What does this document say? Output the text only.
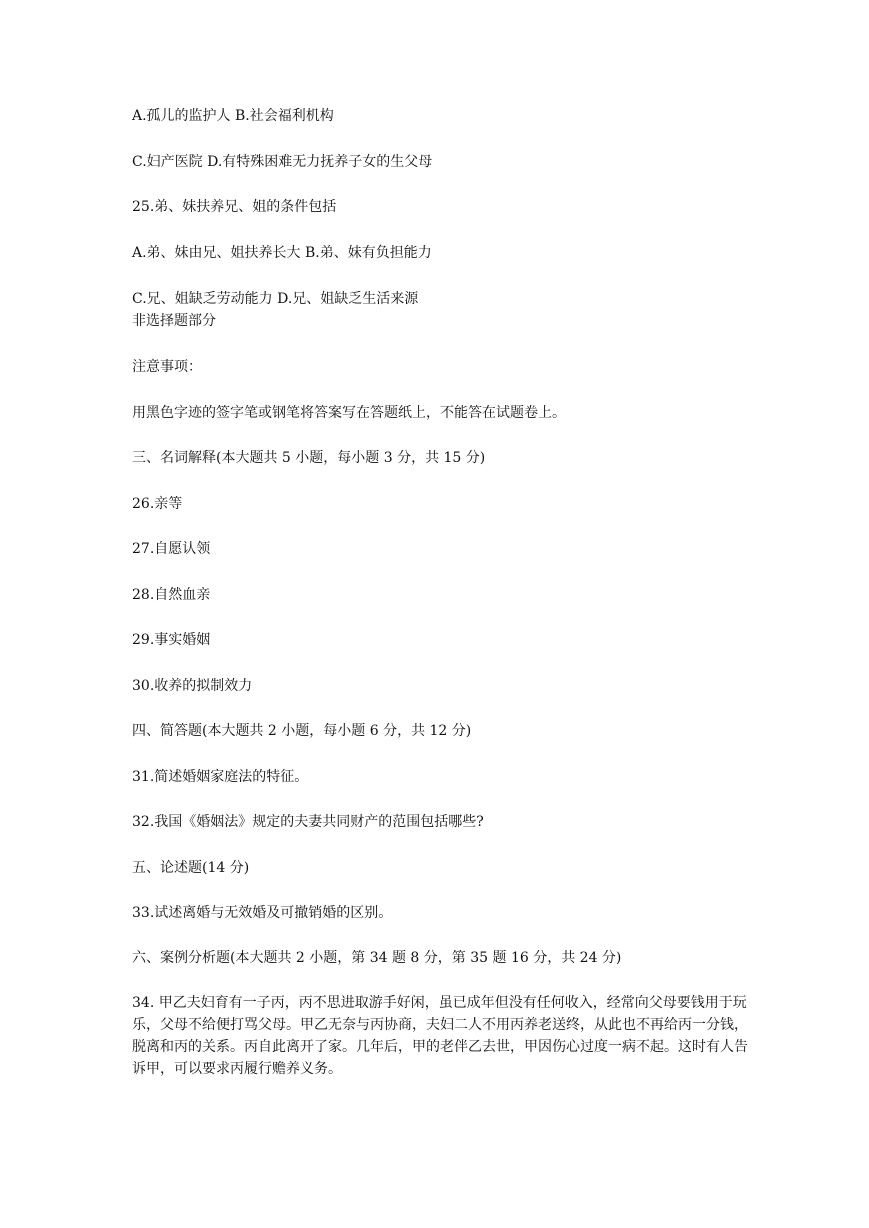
A.孤儿的监护人 B.社会福利机构
C.妇产医院 D.有特殊困难无力抚养子女的生父母
25.弟、妹扶养兄、姐的条件包括
A.弟、妹由兄、姐扶养长大 B.弟、妹有负担能力
C.兄、姐缺乏劳动能力 D.兄、姐缺乏生活来源
非选择题部分
注意事项：
用黑色字迹的签字笔或钢笔将答案写在答题纸上，不能答在试题卷上。
三、名词解释(本大题共 5 小题，每小题 3 分，共 15 分)
26.亲等
27.自愿认领
28.自然血亲
29.事实婚姻
30.收养的拟制效力
四、简答题(本大题共 2 小题，每小题 6 分，共 12 分)
31.简述婚姻家庭法的特征。
32.我国《婚姻法》规定的夫妻共同财产的范围包括哪些?
五、论述题(14 分)
33.试述离婚与无效婚及可撤销婚的区别。
六、案例分析题(本大题共 2 小题，第 34 题 8 分，第 35 题 16 分，共 24 分)
34. 甲乙夫妇育有一子丙，丙不思进取游手好闲，虽已成年但没有任何收入，经常向父母要钱用于玩乐，父母不给便打骂父母。甲乙无奈与丙协商，夫妇二人不用丙养老送终，从此也不再给丙一分钱，脱离和丙的关系。丙自此离开了家。几年后，甲的老伴乙去世，甲因伤心过度一病不起。这时有人告诉甲，可以要求丙履行赡养义务。
